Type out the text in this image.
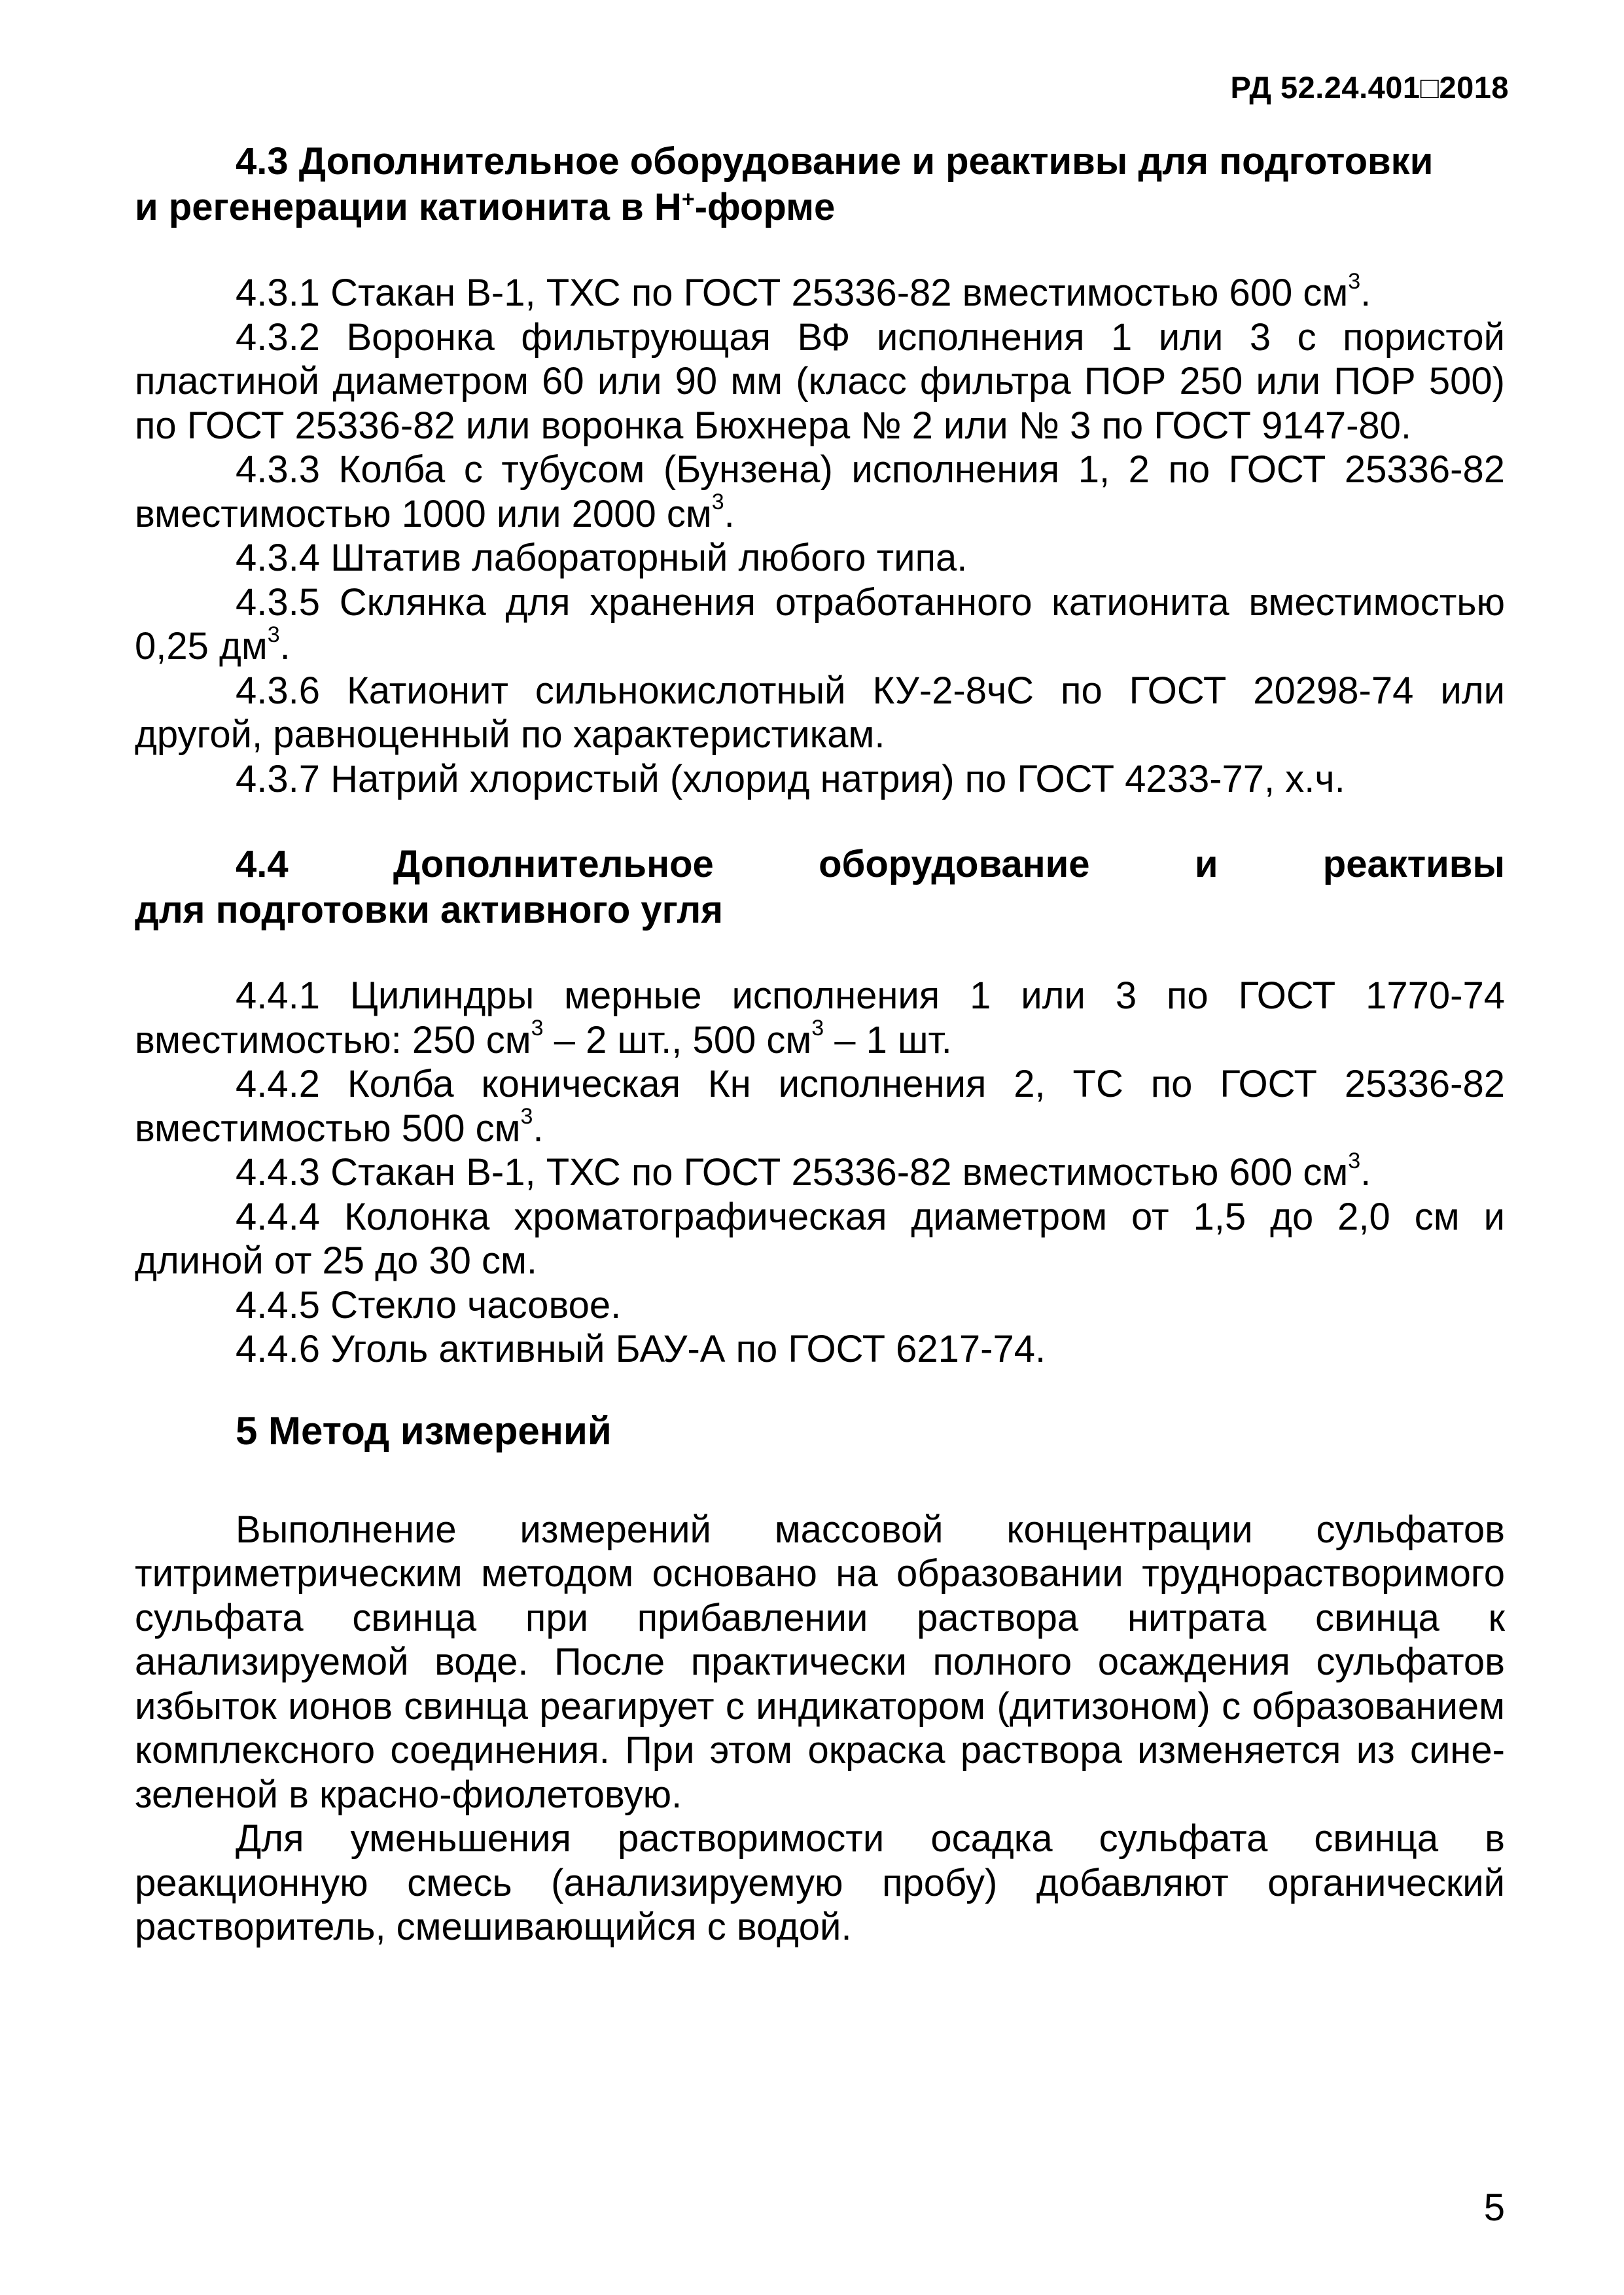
РД 52.24.401□2018
4.3 Дополнительное оборудование и реактивы для подготовки
и регенерации катионита в Н+-форме

4.3.1 Стакан В-1, ТХС по ГОСТ 25336-82 вместимостью 600 $см^3$.

4.3.2 Воронка фильтрующая ВФ исполнения 1 или 3 с пористой пластиной диаметром 60 или 90 мм (класс фильтра ПОР 250 или ПОР 500) по ГОСТ 25336-82 или воронка Бюхнера № 2 или № 3 по ГОСТ 9147-80.

4.3.3 Колба с тубусом (Бунзена) исполнения 1, 2 по ГОСТ 25336-82 вместимостью 1000 или 2000 $см^3$.

4.3.4 Штатив лабораторный любого типа.

4.3.5 Склянка для хранения отработанного катионита вместимостью 0,25 $дм^3$.

4.3.6 Катионит сильнокислотный КУ-2-8чС по ГОСТ 20298-74 или другой, равноценный по характеристикам.

4.3.7 Натрий хлористый (хлорид натрия) по ГОСТ 4233-77, х.ч.

4.4 Дополнительное оборудование и реактивы
для подготовки активного угля

4.4.1 Цилиндры мерные исполнения 1 или 3 по ГОСТ 1770-74 вместимостью: 250 $см^3 - 2$ шт., 500 $см^3 - 1$ шт.

4.4.2 Колба коническая Кн исполнения 2, ТС по ГОСТ 25336-82 вместимостью 500 $см^3$.

4.4.3 Стакан В-1, ТХС по ГОСТ 25336-82 вместимостью 600 $см^3$.

4.4.4 Колонка хроматографическая диаметром от 1,5 до 2,0 см и длиной от 25 до 30 см.

4.4.5 Стекло часовое.

4.4.6 Уголь активный БАУ-А по ГОСТ 6217-74.

5 Метод измерений

Выполнение измерений массовой концентрации сульфатов титриметрическим методом основано на образовании труднорастворимого сульфата свинца при прибавлении раствора нитрата свинца к анализируемой воде. После практически полного осаждения сульфатов избыток ионов свинца реагирует с индикатором (дитизоном) с образованием комплексного соединения. При этом окраска раствора изменяется из сине-зеленой в красно-фиолетовую.

Для уменьшения растворимости осадка сульфата свинца в реакционную смесь (анализируемую пробу) добавляют органический растворитель, смешивающийся с водой.

5
